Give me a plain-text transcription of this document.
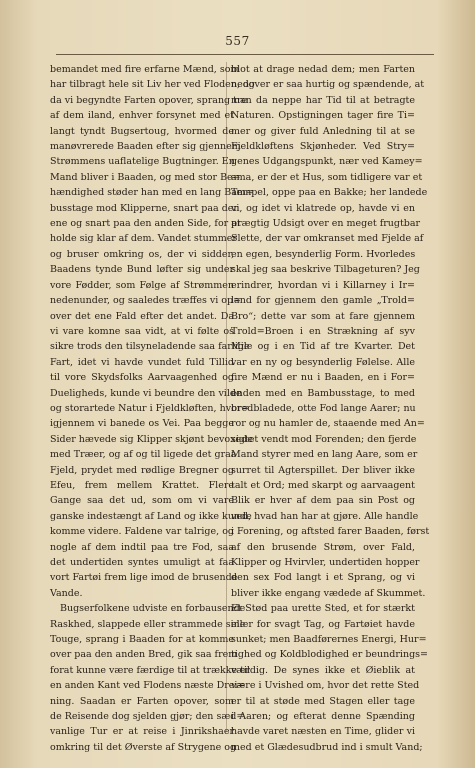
557
bemandet med fire erfarne Mænd, som
har tilbragt hele sit Liv her ved Floden, og
da vi begyndte Farten opover, sprang tre
af dem iland, enhver forsynet med et
langt tyndt Bugsertoug, hvormed de
manøvrerede Baaden efter sig gjennem
Strømmens uaflatelige Bugtninger. En
Mand bliver i Baaden, og med stor Be=
hændighed støder han med en lang Bam=
busstage mod Klipperne, snart paa den
ene og snart paa den anden Side, for at
holde sig klar af dem. Vandet stummer
og bruser omkring os, der vi sidder,
Baadens tynde Bund løfter sig under
vore Fødder, som Følge af Strømmen
nedenunder, og saaledes træffes vi op=
over det ene Fald efter det andet. Da
vi vare komne saa vidt, at vi følte os
sikre trods den tilsyneladende saa farlige
Fart, idet vi havde vundet fuld Tillid
til vore Skydsfolks Aarvaagenhed og
Dueligheds, kunde vi beundre den vilde
og storartede Natur i Fjeldkløften, hvor=
igjennem vi banede os Vei. Paa begge
Sider hævede sig Klipper skjønt bevoxede
med Træer, og af og til ligede det graa
Fjeld, prydet med rødlige Bregner og
Efeu, frem mellem Krattet. Flere
Gange saa det ud, som om vi vare
ganske indestængt af Land og ikke kunde
komme videre. Faldene var talrige, og
nogle af dem indtil paa tre Fod, saa
det undertiden syntes umuligt at faa
vort Fartøi frem lige imod de brusende
Vande.
Bugserfolkene udviste en forbausende
Raskhed, slappede eller strammede sine
Touge, sprang i Baaden for at komme
over paa den anden Bred, gik saa frem
forat kunne være færdige til at trække til
en anden Kant ved Flodens næste Drei=
ning. Saadan er Farten opover, som
de Reisende dog sjelden gjør; den sæd=
vanlige Tur er at reise i Jinrikshaer
omkring til det Øverste af Strygene og
blot at drage nedad dem; men Farten
nedover er saa hurtig og spændende, at
man da neppe har Tid til at betragte
Naturen. Opstigningen tager fire Ti=
mer og giver fuld Anledning til at se
Fjeldkløftens Skjønheder. Ved Stry=
genes Udgangspunkt, nær ved Kamey=
ama, er der et Hus, som tidligere var et
Tempel, oppe paa en Bakke; her landede
vi, og idet vi klatrede op, havde vi en
prægtig Udsigt over en meget frugtbar
Slette, der var omkranset med Fjelde af
en egen, besynderlig Form. Hvorledes
skal jeg saa beskrive Tilbageturen? Jeg
erindrer, hvordan vi i Killarney i Ir=
land for gjennem den gamle „Trold=
Bro“; dette var som at fare gjennem
Trold=Broen i en Strækning af syv
Mile og i en Tid af tre Kvarter. Det
var en ny og besynderlig Følelse. Alle
fire Mænd er nu i Baaden, en i For=
enden med en Bambusstage, to med
bredbladede, otte Fod lange Aarer; nu
ror og nu hamler de, staaende med An=
sigtet vendt mod Forenden; den fjerde
Mand styrer med en lang Aare, som er
surret til Agterspillet. Der bliver ikke
talt et Ord; med skarpt og aarvaagent
Blik er hver af dem paa sin Post og
ved, hvad han har at gjøre. Alle handle
i Forening, og aftsted farer Baaden, først
af den brusende Strøm, over Fald,
Klipper og Hvirvler, undertiden hopper
den sex Fod langt i et Sprang, og vi
bliver ikke engang vædede af Skummet.
Et Stød paa urette Sted, et for stærkt
eller for svagt Tag, og Fartøiet havde
sunket; men Baadførernes Energi, Hur=
tighed og Koldblodighed er beundrings=
værdig. De synes ikke et Øieblik at
være i Uvished om, hvor det rette Sted
er til at støde med Stagen eller tage
i Aaren; og efterat denne Spænding
havde varet næsten en Time, glider vi
med et Glædesudbrud ind i smult Vand;
